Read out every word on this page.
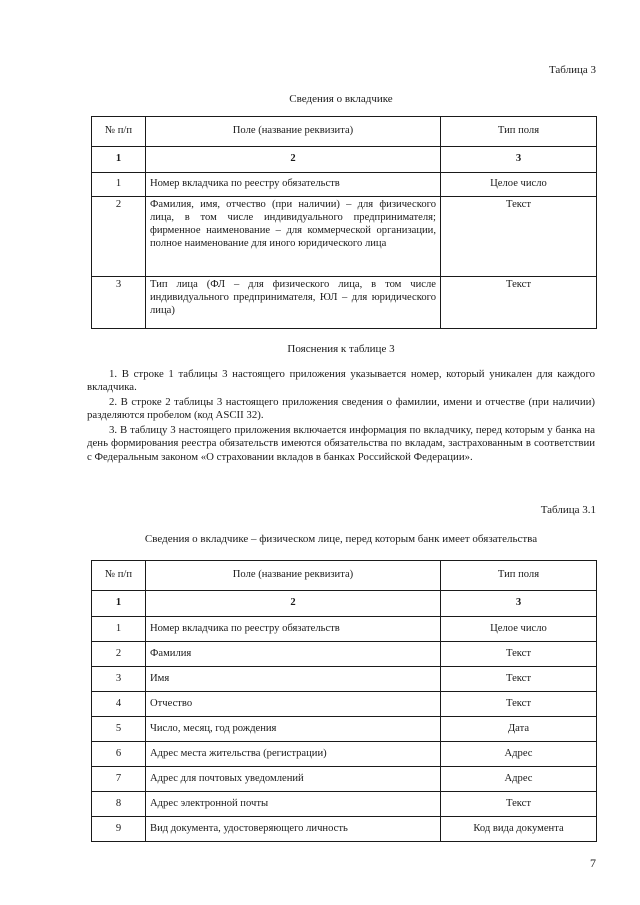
Таблица 3
Сведения о вкладчике
№ п/п	Поле (название реквизита)	Тип поля
1	2	3
1	Номер вкладчика по реестру обязательств	Целое число
2	Фамилия, имя, отчество (при наличии) – для физического лица, в том числе индивидуального предпринимателя; фирменное наименование – для коммерческой организации, полное наименование для иного юридического лица	Текст
3	Тип лица (ФЛ – для физического лица, в том числе индивидуального предпринимателя, ЮЛ – для юридического лица)	Текст
Пояснения к таблице 3
1. В строке 1 таблицы 3 настоящего приложения указывается номер, который уникален для каждого вкладчика.
2. В строке 2 таблицы 3 настоящего приложения сведения о фамилии, имени и отчестве (при наличии) разделяются пробелом (код ASCII 32).
3. В таблицу 3 настоящего приложения включается информация по вкладчику, перед которым у банка на день формирования реестра обязательств имеются обязательства по вкладам, застрахованным в соответствии с Федеральным законом «О страховании вкладов в банках Российской Федерации».
Таблица 3.1
Сведения о вкладчике – физическом лице, перед которым банк имеет обязательства
№ п/п	Поле (название реквизита)	Тип поля
1	2	3
1	Номер вкладчика по реестру обязательств	Целое число
2	Фамилия	Текст
3	Имя	Текст
4	Отчество	Текст
5	Число, месяц, год рождения	Дата
6	Адрес места жительства (регистрации)	Адрес
7	Адрес для почтовых уведомлений	Адрес
8	Адрес электронной почты	Текст
9	Вид документа, удостоверяющего личность	Код вида документа
7
